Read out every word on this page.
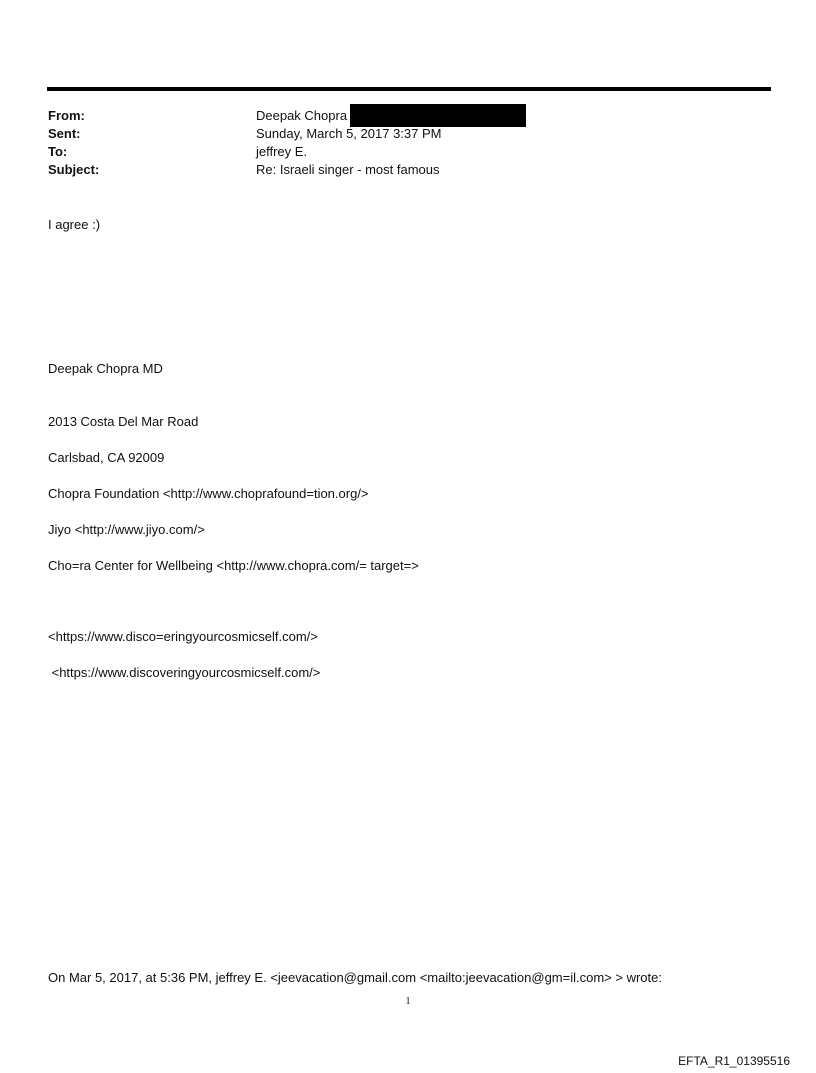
From:	Deepak Chopra
Sent:	Sunday, March 5, 2017 3:37 PM
To:	jeffrey E.
Subject:	Re: Israeli singer - most famous
I agree :)
Deepak Chopra MD
2013 Costa Del Mar Road
Carlsbad, CA 92009
Chopra Foundation <http://www.choprafound=tion.org/>
Jiyo <http://www.jiyo.com/>
Cho=ra Center for Wellbeing <http://www.chopra.com/= target=>
<https://www.disco=eringyourcosmicself.com/>
<https://www.discoveringyourcosmicself.com/>
On Mar 5, 2017, at 5:36 PM, jeffrey E. <jeevacation@gmail.com <mailto:jeevacation@gm=il.com> > wrote:
1
EFTA_R1_01395516
